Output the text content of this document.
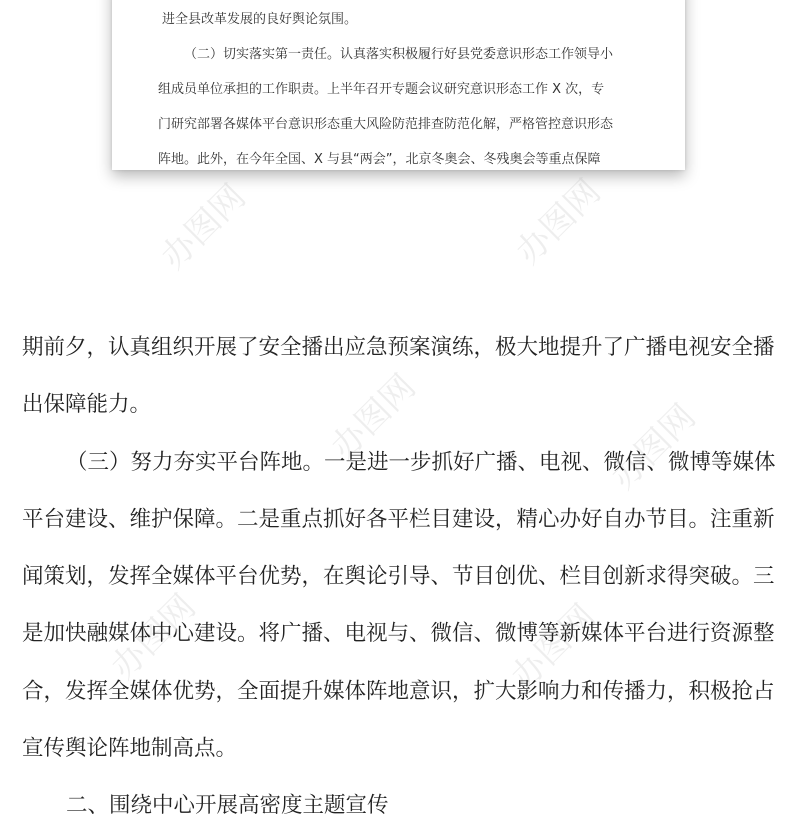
进全县改革发展的良好舆论氛围。
（二）切实落实第一责任。认真落实积极履行好县党委意识形态工作领导小
组成员单位承担的工作职责。上半年召开专题会议研究意识形态工作 X 次，专
门研究部署各媒体平台意识形态重大风险防范排查防范化解，严格管控意识形态
阵地。此外，在今年全国、X 与县“两会”，北京冬奥会、冬残奥会等重点保障
办图网	办图网
办图网	办图网
办图网	办图网
期前夕，认真组织开展了安全播出应急预案演练，极大地提升了广播电视安全播
出保障能力。
（三）努力夯实平台阵地。一是进一步抓好广播、电视、微信、微博等媒体
平台建设、维护保障。二是重点抓好各平栏目建设，精心办好自办节目。注重新
闻策划，发挥全媒体平台优势，在舆论引导、节目创优、栏目创新求得突破。三
是加快融媒体中心建设。将广播、电视与、微信、微博等新媒体平台进行资源整
合，发挥全媒体优势，全面提升媒体阵地意识，扩大影响力和传播力，积极抢占
宣传舆论阵地制高点。
二、围绕中心开展高密度主题宣传
